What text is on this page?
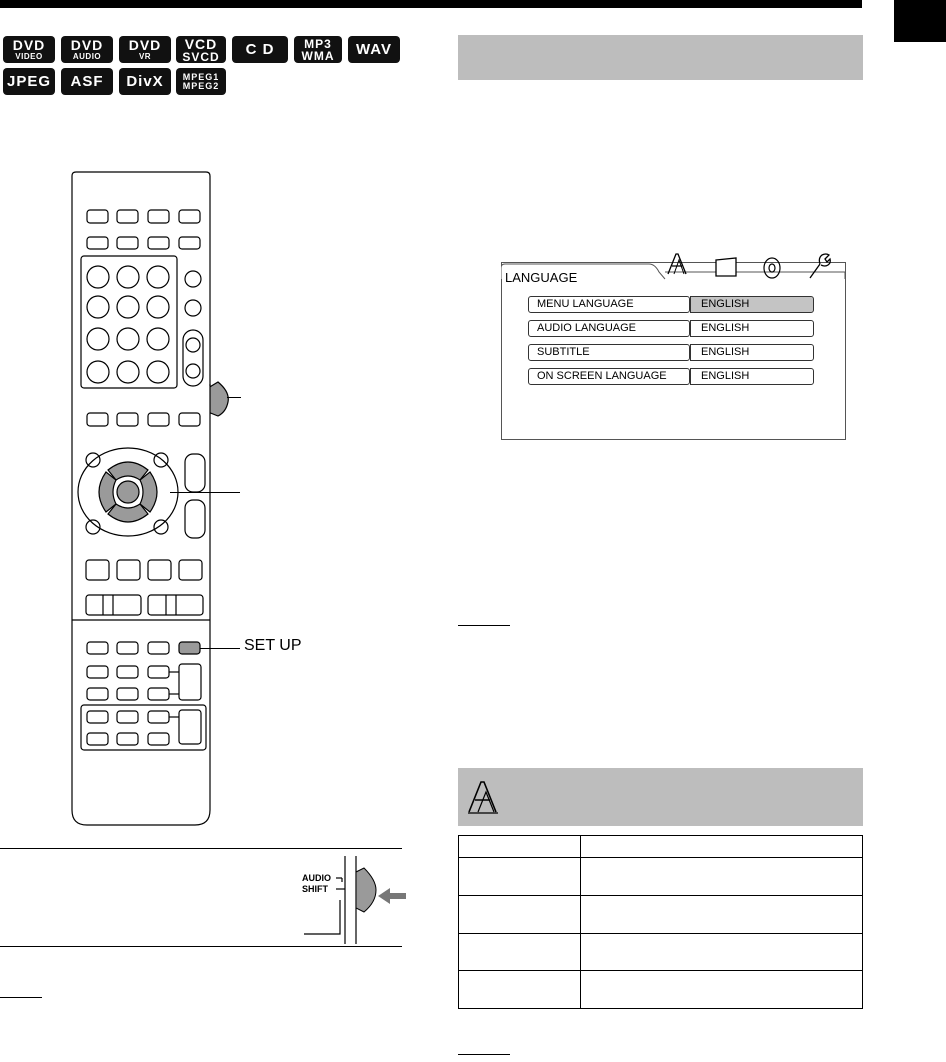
DVD
VIDEO
DVD
AUDIO
DVD
VR
VCD
SVCD C D MP3
WMA WAV
JPEG ASF DivX MPEG1
MPEG2
SET UP
AUDIO
SHIFT
LANGUAGE
MENU LANGUAGE	ENGLISH
AUDIO LANGUAGE	ENGLISH
SUBTITLE	ENGLISH
ON SCREEN LANGUAGE	ENGLISH
